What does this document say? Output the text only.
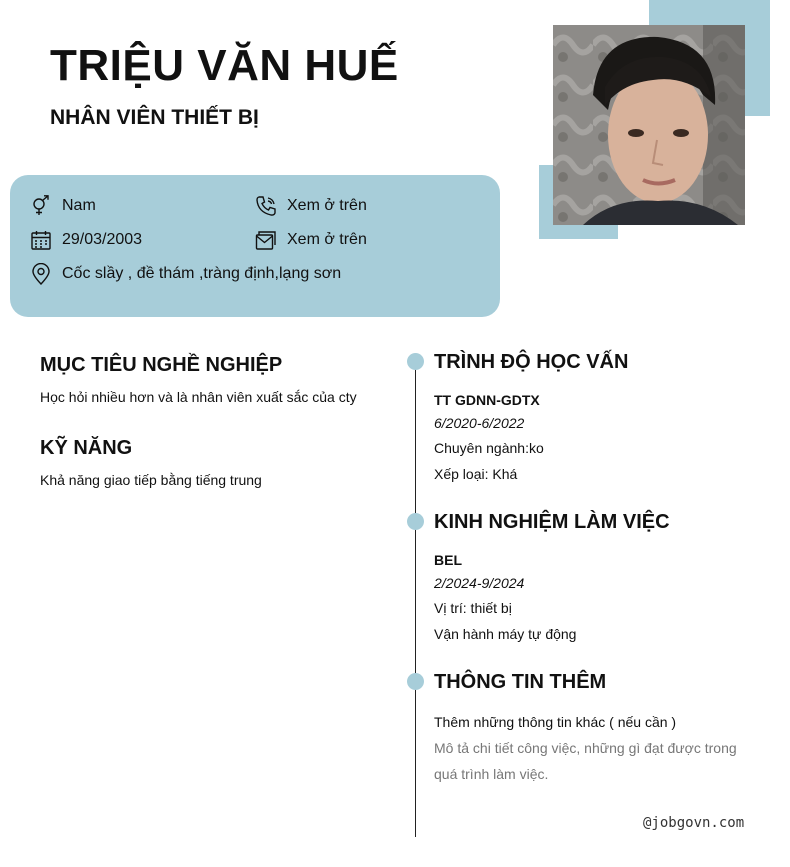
TRIỆU VĂN HUẾ
NHÂN VIÊN THIẾT BỊ
Nam	Xem ở trên
29/03/2003	Xem ở trên
Cốc slầy , đề thám ,tràng định,lạng sơn
MỤC TIÊU NGHỀ NGHIỆP
Học hỏi nhiều hơn và là nhân viên xuất sắc của cty
KỸ NĂNG
Khả năng giao tiếp bằng tiếng trung
TRÌNH ĐỘ HỌC VẤN
TT GDNN-GDTX
6/2020-6/2022
Chuyên ngành:ko
Xếp loại: Khá
KINH NGHIỆM LÀM VIỆC
BEL
2/2024-9/2024
Vị trí: thiết bị
Vận hành máy tự động
THÔNG TIN THÊM
Thêm những thông tin khác ( nếu cần )
Mô tả chi tiết công việc, những gì đạt được trong quá trình làm việc.
@jobgovn.com
